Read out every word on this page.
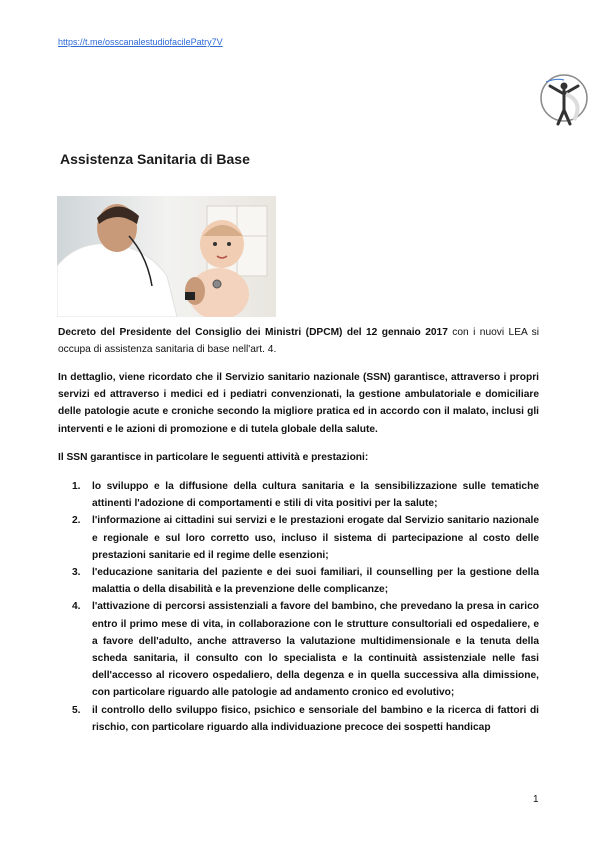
https://t.me/osscanalestudiofacilePatry7V
Assistenza Sanitaria di Base
Decreto del Presidente del Consiglio dei Ministri (DPCM) del 12 gennaio 2017 con i nuovi LEA si occupa di assistenza sanitaria di base nell'art. 4.
In dettaglio, viene ricordato che il Servizio sanitario nazionale (SSN) garantisce, attraverso i propri servizi ed attraverso i medici ed i pediatri convenzionati, la gestione ambulatoriale e domiciliare delle patologie acute e croniche secondo la migliore pratica ed in accordo con il malato, inclusi gli interventi e le azioni di promozione e di tutela globale della salute.
Il SSN garantisce in particolare le seguenti attività e prestazioni:
1. lo sviluppo e la diffusione della cultura sanitaria e la sensibilizzazione sulle tematiche attinenti l'adozione di comportamenti e stili di vita positivi per la salute;
2. l'informazione ai cittadini sui servizi e le prestazioni erogate dal Servizio sanitario nazionale e regionale e sul loro corretto uso, incluso il sistema di partecipazione al costo delle prestazioni sanitarie ed il regime delle esenzioni;
3. l'educazione sanitaria del paziente e dei suoi familiari, il counselling per la gestione della malattia o della disabilità e la prevenzione delle complicanze;
4. l'attivazione di percorsi assistenziali a favore del bambino, che prevedano la presa in carico entro il primo mese di vita, in collaborazione con le strutture consultoriali ed ospedaliere, e a favore dell'adulto, anche attraverso la valutazione multidimensionale e la tenuta della scheda sanitaria, il consulto con lo specialista e la continuità assistenziale nelle fasi dell'accesso al ricovero ospedaliero, della degenza e in quella successiva alla dimissione, con particolare riguardo alle patologie ad andamento cronico ed evolutivo;
5. il controllo dello sviluppo fisico, psichico e sensoriale del bambino e la ricerca di fattori di rischio, con particolare riguardo alla individuazione precoce dei sospetti handicap
1
